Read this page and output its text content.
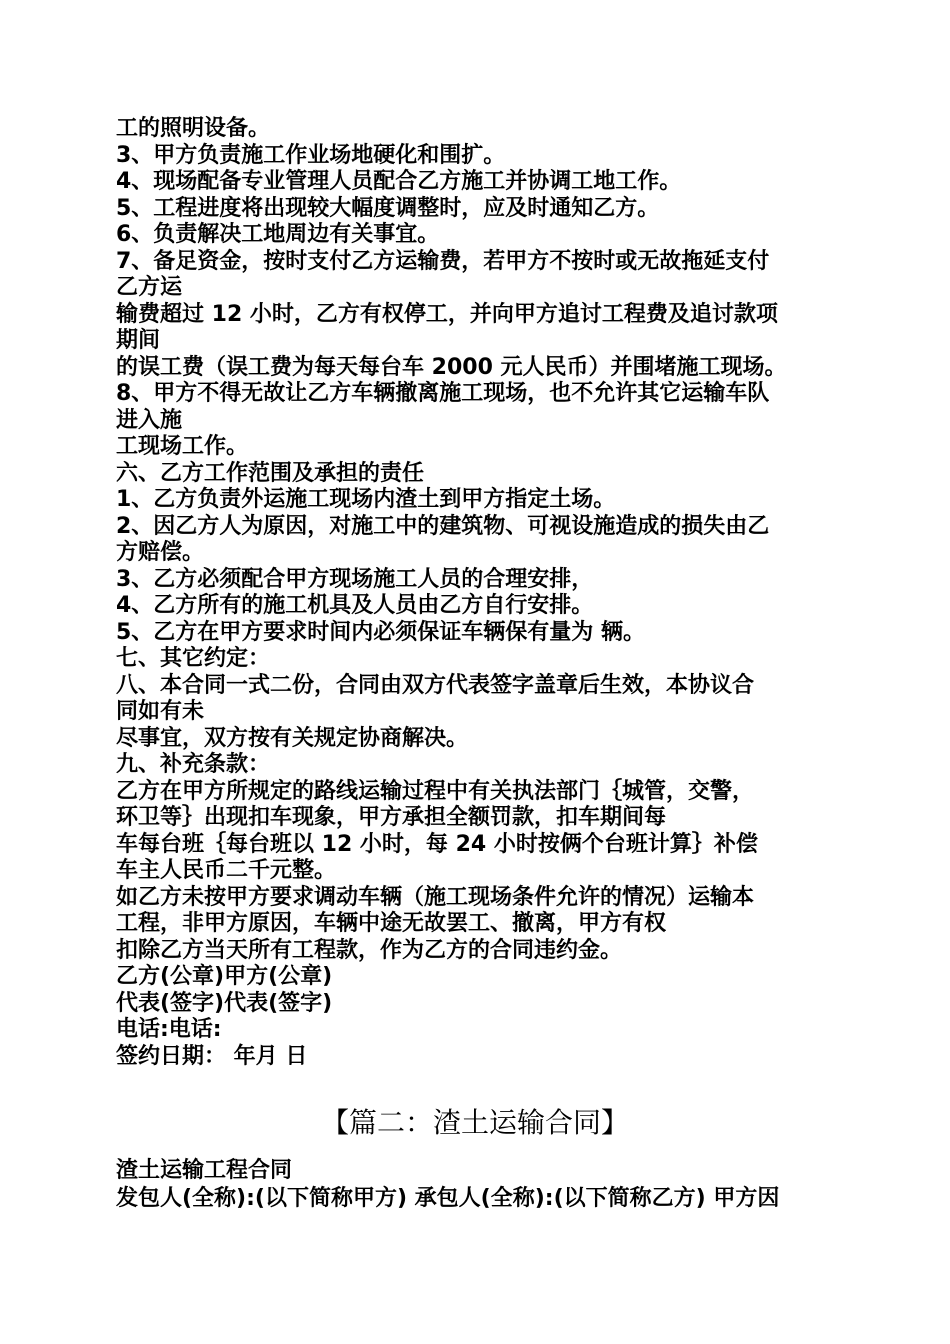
工的照明设备。
3、甲方负责施工作业场地硬化和围扩。
4、现场配备专业管理人员配合乙方施工并协调工地工作。
5、工程进度将出现较大幅度调整时，应及时通知乙方。
6、负责解决工地周边有关事宜。
7、备足资金，按时支付乙方运输费，若甲方不按时或无故拖延支付
乙方运
输费超过 12 小时，乙方有权停工，并向甲方追讨工程费及追讨款项
期间
的误工费（误工费为每天每台车 2000 元人民币）并围堵施工现场。
8、甲方不得无故让乙方车辆撤离施工现场，也不允许其它运输车队
进入施
工现场工作。
六、乙方工作范围及承担的责任
1、乙方负责外运施工现场内渣土到甲方指定土场。
2、因乙方人为原因，对施工中的建筑物、可视设施造成的损失由乙
方赔偿。
3、乙方必须配合甲方现场施工人员的合理安排，
4、乙方所有的施工机具及人员由乙方自行安排。
5、乙方在甲方要求时间内必须保证车辆保有量为 辆。
七、其它约定：
八、本合同一式二份，合同由双方代表签字盖章后生效，本协议合
同如有未
尽事宜，双方按有关规定协商解决。
九、补充条款：
乙方在甲方所规定的路线运输过程中有关执法部门｛城管，交警，
环卫等｝出现扣车现象，甲方承担全额罚款，扣车期间每
车每台班｛每台班以 12 小时，每 24 小时按俩个台班计算｝补偿
车主人民币二千元整。
如乙方未按甲方要求调动车辆（施工现场条件允许的情况）运输本
工程，非甲方原因，车辆中途无故罢工、撤离，甲方有权
扣除乙方当天所有工程款，作为乙方的合同违约金。
乙方(公章)甲方(公章)
代表(签字)代表(签字)
电话:电话:
签约日期： 年月 日
【篇二：渣土运输合同】
渣土运输工程合同
发包人(全称):(以下简称甲方) 承包人(全称):(以下简称乙方) 甲方因
